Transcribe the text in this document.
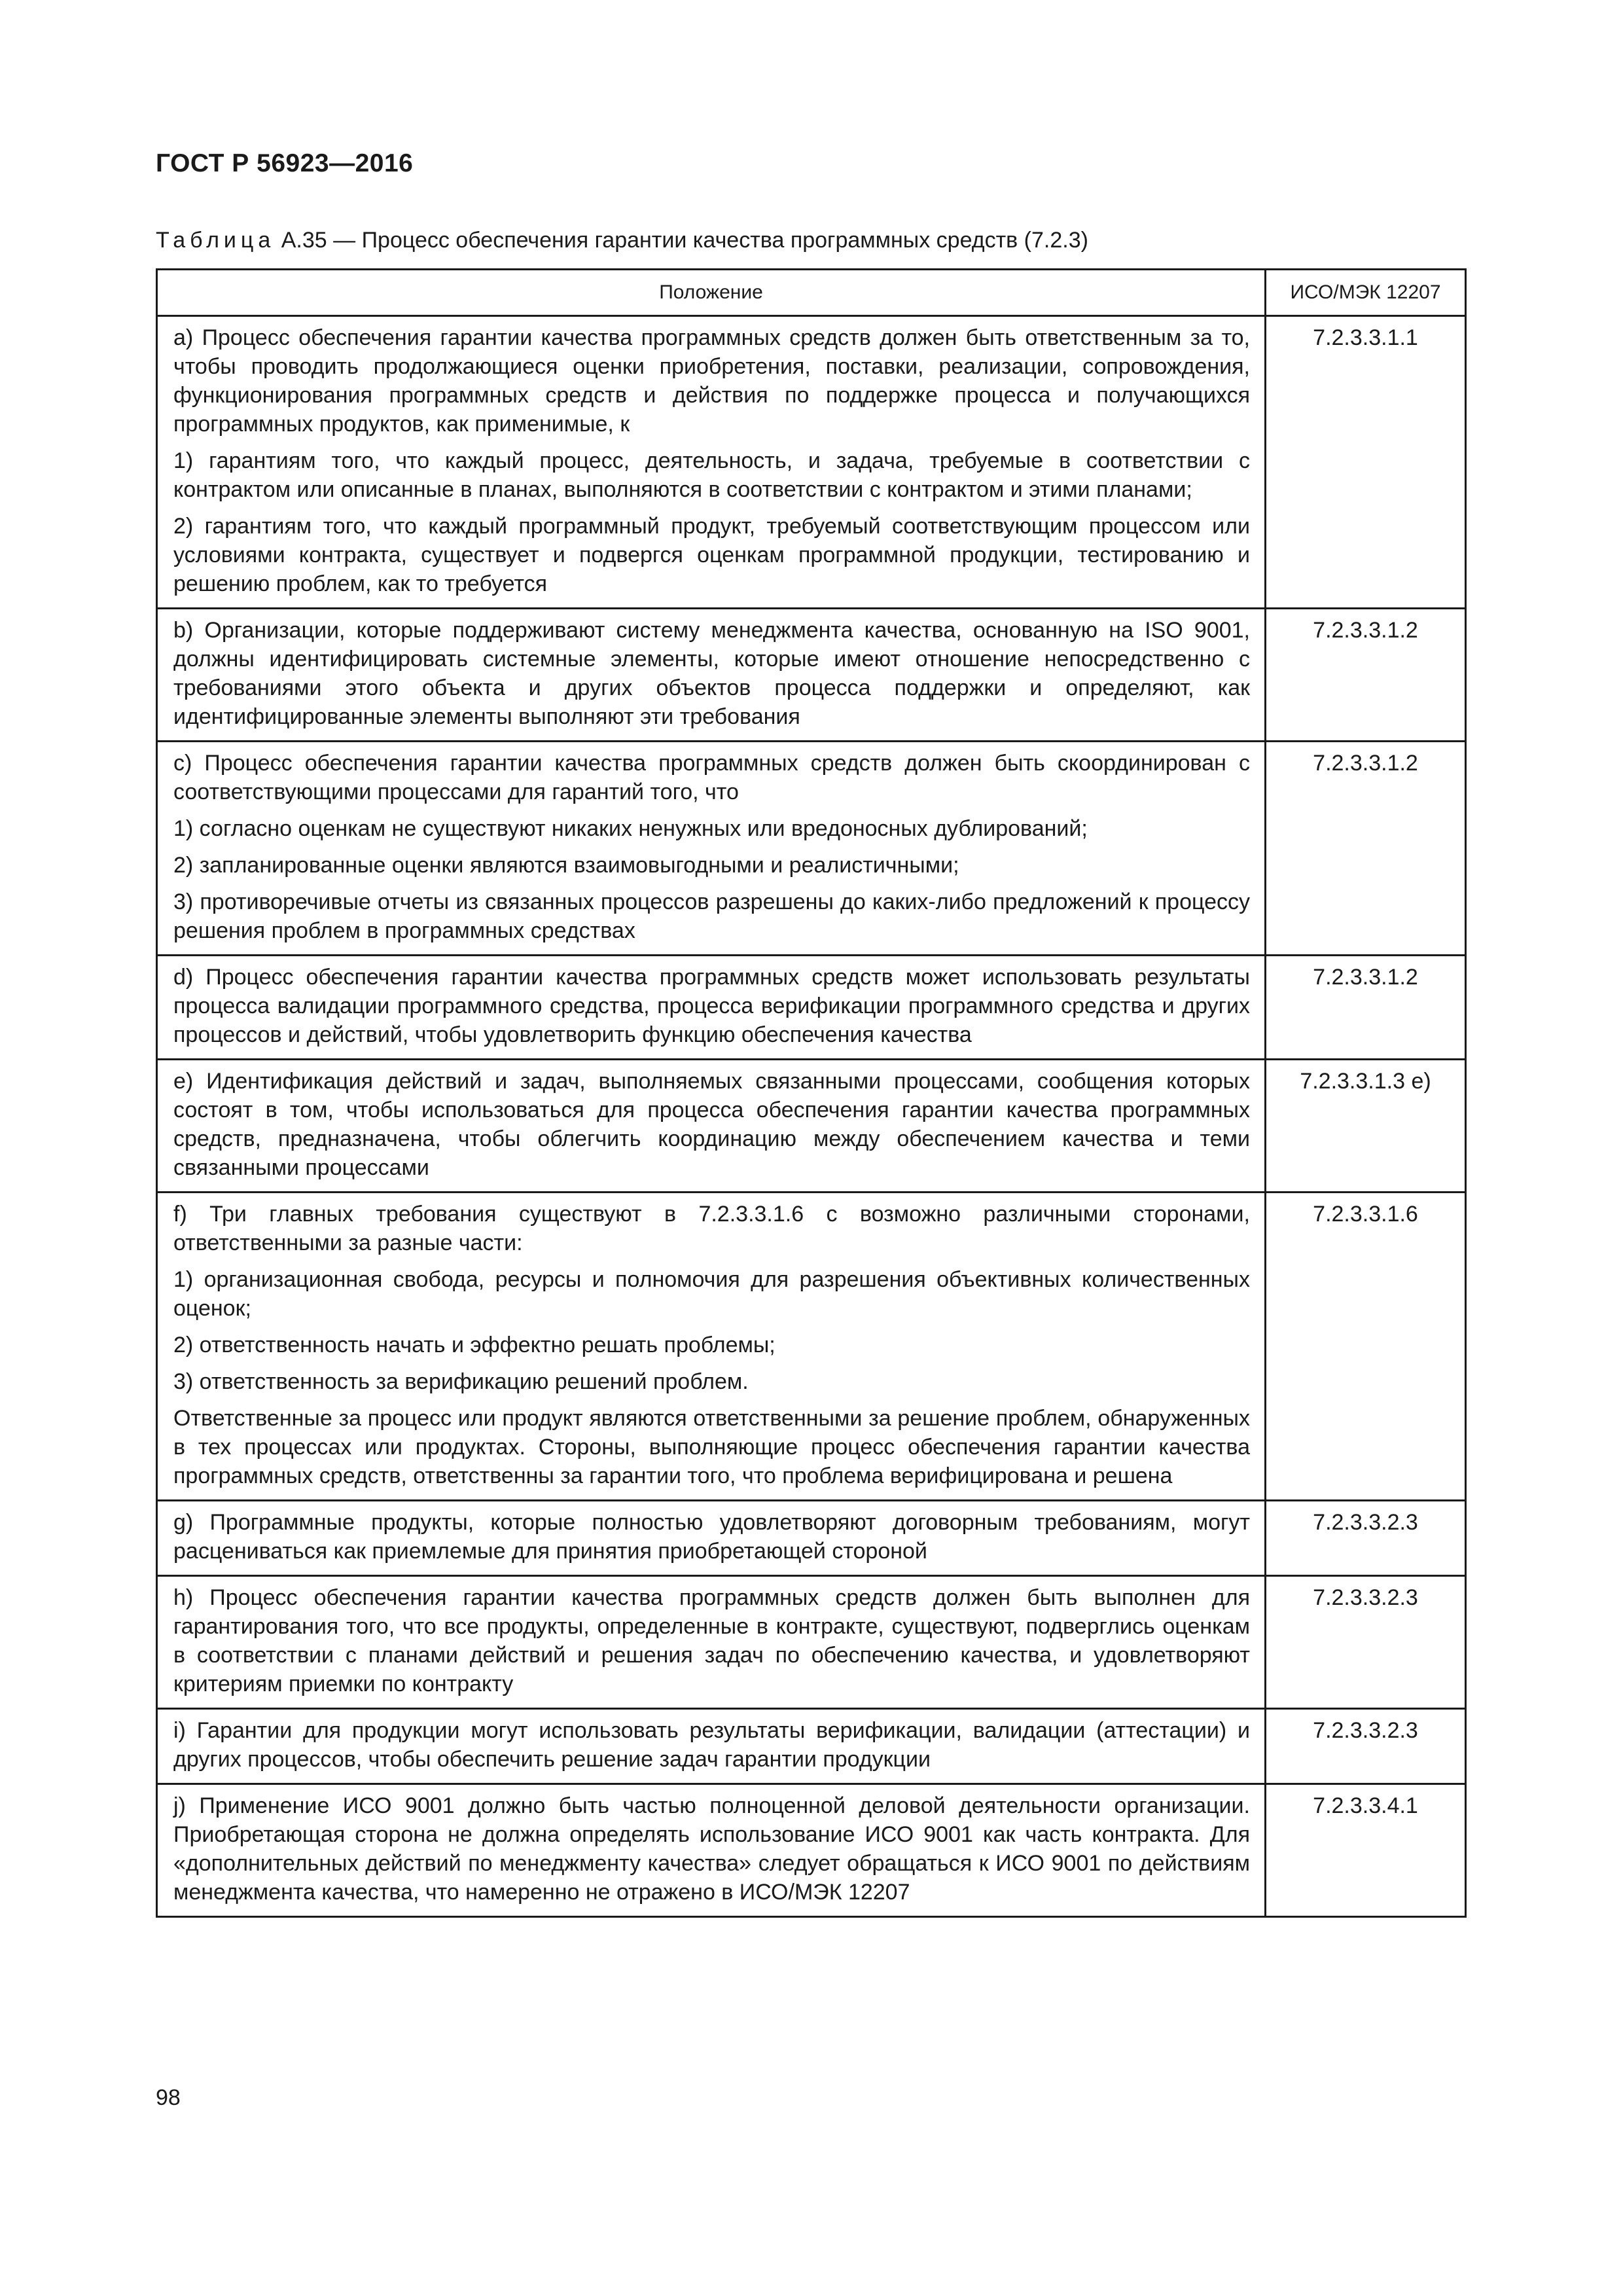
ГОСТ Р 56923—2016
Таблица А.35 — Процесс обеспечения гарантии качества программных средств (7.2.3)
Положение	ИСО/МЭК 12207

a) Процесс обеспечения гарантии качества программных средств должен быть ответственным за то, чтобы проводить продолжающиеся оценки приобретения, поставки, реализации, сопровождения, функционирования программных средств и действия по поддержке процесса и получающихся программных продуктов, как применимые, к

1) гарантиям того, что каждый процесс, деятельность, и задача, требуемые в соответствии с контрактом или описанные в планах, выполняются в соответствии с контрактом и этими планами;

2) гарантиям того, что каждый программный продукт, требуемый соответствующим процессом или условиями контракта, существует и подвергся оценкам программной продукции, тестированию и решению проблем, как то требуется	7.2.3.3.1.1

b) Организации, которые поддерживают систему менеджмента качества, основанную на ISO 9001, должны идентифицировать системные элементы, которые имеют отношение непосредственно с требованиями этого объекта и других объектов процесса поддержки и определяют, как идентифицированные элементы выполняют эти требования	7.2.3.3.1.2

c) Процесс обеспечения гарантии качества программных средств должен быть скоординирован с соответствующими процессами для гарантий того, что

1) согласно оценкам не существуют никаких ненужных или вредоносных дублирований;

2) запланированные оценки являются взаимовыгодными и реалистичными;

3) противоречивые отчеты из связанных процессов разрешены до каких-либо предложений к процессу решения проблем в программных средствах	7.2.3.3.1.2

d) Процесс обеспечения гарантии качества программных средств может использовать результаты процесса валидации программного средства, процесса верификации программного средства и других процессов и действий, чтобы удовлетворить функцию обеспечения качества	7.2.3.3.1.2

e) Идентификация действий и задач, выполняемых связанными процессами, сообщения которых состоят в том, чтобы использоваться для процесса обеспечения гарантии качества программных средств, предназначена, чтобы облегчить координацию между обеспечением качества и теми связанными процессами	7.2.3.3.1.3 e)

f) Три главных требования существуют в 7.2.3.3.1.6 с возможно различными сторонами, ответственными за разные части:

1) организационная свобода, ресурсы и полномочия для разрешения объективных количественных оценок;

2) ответственность начать и эффектно решать проблемы;

3) ответственность за верификацию решений проблем.

Ответственные за процесс или продукт являются ответственными за решение проблем, обнаруженных в тех процессах или продуктах. Стороны, выполняющие процесс обеспечения гарантии качества программных средств, ответственны за гарантии того, что проблема верифицирована и решена	7.2.3.3.1.6

g) Программные продукты, которые полностью удовлетворяют договорным требованиям, могут расцениваться как приемлемые для принятия приобретающей стороной	7.2.3.3.2.3

h) Процесс обеспечения гарантии качества программных средств должен быть выполнен для гарантирования того, что все продукты, определенные в контракте, существуют, подверглись оценкам в соответствии с планами действий и решения задач по обеспечению качества, и удовлетворяют критериям приемки по контракту	7.2.3.3.2.3

i) Гарантии для продукции могут использовать результаты верификации, валидации (аттестации) и других процессов, чтобы обеспечить решение задач гарантии продукции	7.2.3.3.2.3

j) Применение ИСО 9001 должно быть частью полноценной деловой деятельности организации. Приобретающая сторона не должна определять использование ИСО 9001 как часть контракта. Для «дополнительных действий по менеджменту качества» следует обращаться к ИСО 9001 по действиям менеджмента качества, что намеренно не отражено в ИСО/МЭК 12207	7.2.3.3.4.1
98
